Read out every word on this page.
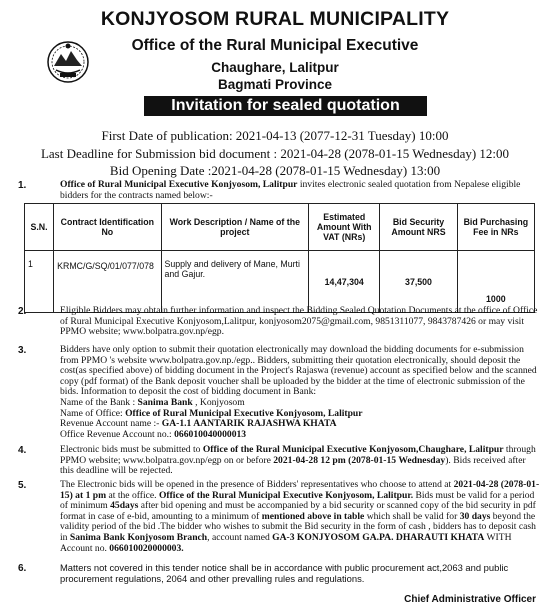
KONJYOSOM RURAL MUNICIPALITY
Office of the Rural Municipal Executive
Chaughare, Lalitpur
Bagmati Province
Invitation for sealed quotation
First Date of publication: 2021-04-13 (2077-12-31 Tuesday) 10:00
Last Deadline for Submission bid document : 2021-04-28 (2078-01-15 Wednesday) 12:00
Bid Opening Date :2021-04-28 (2078-01-15 Wednesday) 13:00
1.	Office of Rural Municipal Executive Konjyosom, Lalitpur invites electronic sealed quotation from Nepalese eligible bidders for the contracts named below:-
S.N.	Contract Identification No	Work Description / Name of the project	Estimated Amount With VAT (NRs)	Bid Security Amount NRS	Bid Purchasing Fee in NRs
1	KRMC/G/SQ/01/077/078	Supply and delivery of Mane, Murti and Gajur.	14,47,304	37,500	1000
2.	Eligible Bidders may obtain further information and inspect the Bidding Sealed Quotation Documents at the office of Office of Rural Municipal Executive Konjyosom,Lalitpur, konjyosom2075@gmail.com, 9851311077, 9843787426 or may visit PPMO website; www.bolpatra.gov.np/egp.
3.	Bidders have only option to submit their quotation electronically may download the bidding documents for e-submission from PPMO 's website www.bolpatra.gov.np./egp.. Bidders, submitting their quotation electronically, should deposit the cost(as specified above) of bidding document in the Project's Rajaswa (revenue) account as specified below and the scanned copy (pdf format) of the Bank deposit voucher shall be uploaded by the bidder at the time of electronic submission of the bids. Information to deposit the cost of bidding document in Bank:
Name of the Bank : Sanima Bank , Konjyosom
Name of Office: Office of Rural Municipal Executive Konjyosom, Lalitpur
Revenue Account name :- GA-1.1 AANTARIK RAJASHWA KHATA
Office Revenue Account no.: 066010040000013
4.	Electronic bids must be submitted to Office of the Rural Municipal Executive Konjyosom,Chaughare, Lalitpur through PPMO website; www.bolpatra.gov.np/egp on or before 2021-04-28 12 pm (2078-01-15 Wednesday). Bids received after this deadline will be rejected.
5.	The Electronic bids will be opened in the presence of Bidders' representatives who choose to attend at 2021-04-28 (2078-01-15) at 1 pm at the office. Office of the Rural Municipal Executive Konjyosom, Lalitpur. Bids must be valid for a period of minimum 45days after bid opening and must be accompanied by a bid security or scanned copy of the bid security in pdf format in case of e-bid, amounting to a minimum of mentioned above in table which shall be valid for 30 days beyond the validity period of the bid .The bidder who wishes to submit the Bid security in the form of cash , bidders has to deposit cash in Sanima Bank Konjyosom Branch, account named GA-3 KONJYOSOM GA.PA. DHARAUTI KHATA WITH Account no. 066010020000003.
6.	Matters not covered in this tender notice shall be in accordance with public procurement act,2063 and public procurement regulations, 2064 and other prevalling rules and regulations.
Chief Administrative Officer
